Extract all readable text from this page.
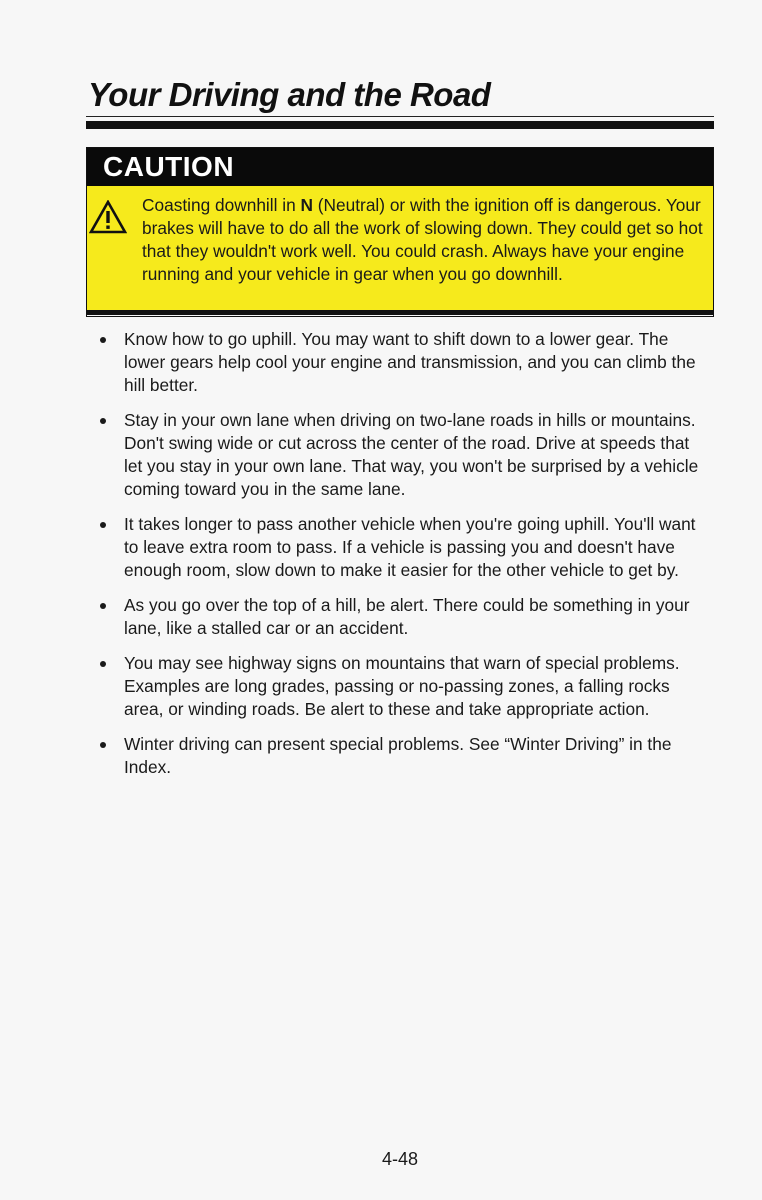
Your Driving and the Road
CAUTION
Coasting downhill in N (Neutral) or with the ignition off is dangerous. Your brakes will have to do all the work of slowing down. They could get so hot that they wouldn't work well. You could crash. Always have your engine running and your vehicle in gear when you go downhill.
Know how to go uphill. You may want to shift down to a lower gear. The lower gears help cool your engine and transmission, and you can climb the hill better.
Stay in your own lane when driving on two-lane roads in hills or mountains. Don't swing wide or cut across the center of the road. Drive at speeds that let you stay in your own lane. That way, you won't be surprised by a vehicle coming toward you in the same lane.
It takes longer to pass another vehicle when you're going uphill. You'll want to leave extra room to pass. If a vehicle is passing you and doesn't have enough room, slow down to make it easier for the other vehicle to get by.
As you go over the top of a hill, be alert. There could be something in your lane, like a stalled car or an accident.
You may see highway signs on mountains that warn of special problems. Examples are long grades, passing or no-passing zones, a falling rocks area, or winding roads. Be alert to these and take appropriate action.
Winter driving can present special problems. See “Winter Driving” in the Index.
4-48
